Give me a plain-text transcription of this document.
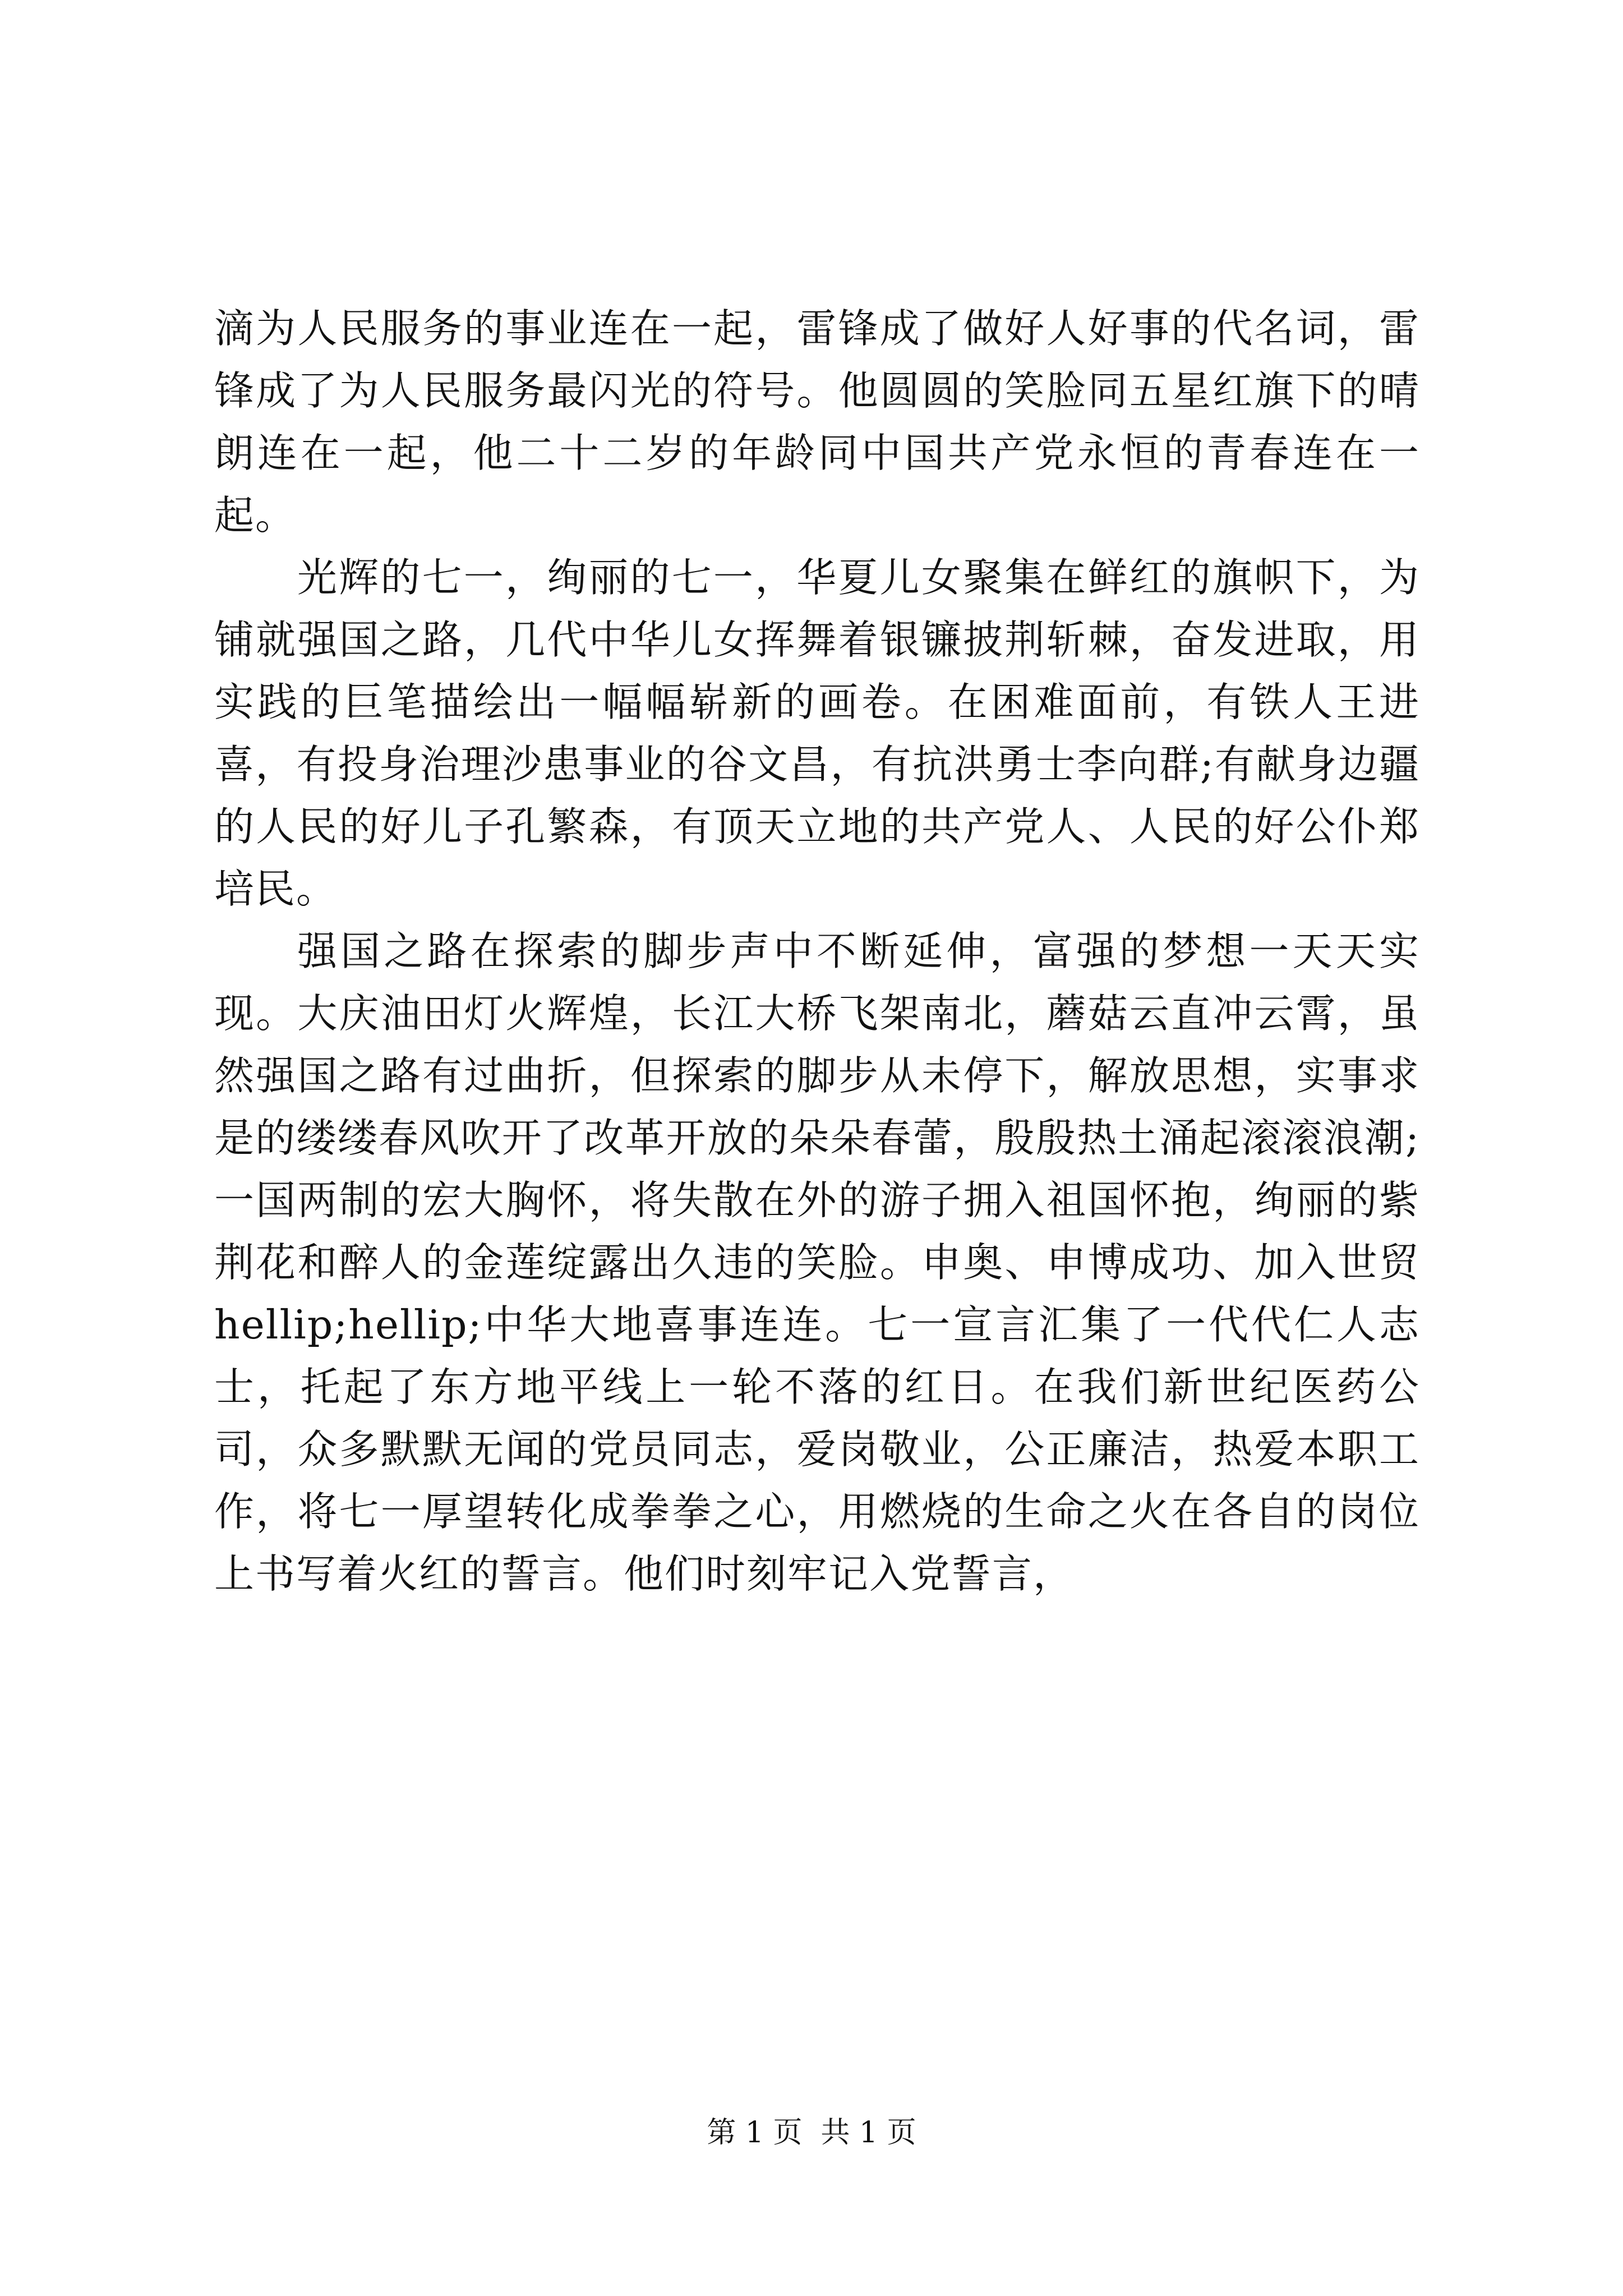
滴为人民服务的事业连在一起，雷锋成了做好人好事的代名词，雷锋成了为人民服务最闪光的符号。他圆圆的笑脸同五星红旗下的晴朗连在一起，他二十二岁的年龄同中国共产党永恒的青春连在一起。

光辉的七一，绚丽的七一，华夏儿女聚集在鲜红的旗帜下，为铺就强国之路，几代中华儿女挥舞着银镰披荆斩棘，奋发进取，用实践的巨笔描绘出一幅幅崭新的画卷。在困难面前，有铁人王进喜，有投身治理沙患事业的谷文昌，有抗洪勇士李向群;有献身边疆的人民的好儿子孔繁森，有顶天立地的共产党人、人民的好公仆郑培民。

强国之路在探索的脚步声中不断延伸，富强的梦想一天天实现。大庆油田灯火辉煌，长江大桥飞架南北，蘑菇云直冲云霄，虽然强国之路有过曲折，但探索的脚步从未停下，解放思想，实事求是的缕缕春风吹开了改革开放的朵朵春蕾，殷殷热土涌起滚滚浪潮;一国两制的宏大胸怀，将失散在外的游子拥入祖国怀抱，绚丽的紫荆花和醉人的金莲绽露出久违的笑脸。申奥、申博成功、加入世贸 hellip;hellip;中华大地喜事连连。七一宣言汇集了一代代仁人志士，托起了东方地平线上一轮不落的红日。在我们新世纪医药公司，众多默默无闻的党员同志，爱岗敬业，公正廉洁，热爱本职工作，将七一厚望转化成拳拳之心，用燃烧的生命之火在各自的岗位上书写着火红的誓言。他们时刻牢记入党誓言，

第 1 页  共 1 页
